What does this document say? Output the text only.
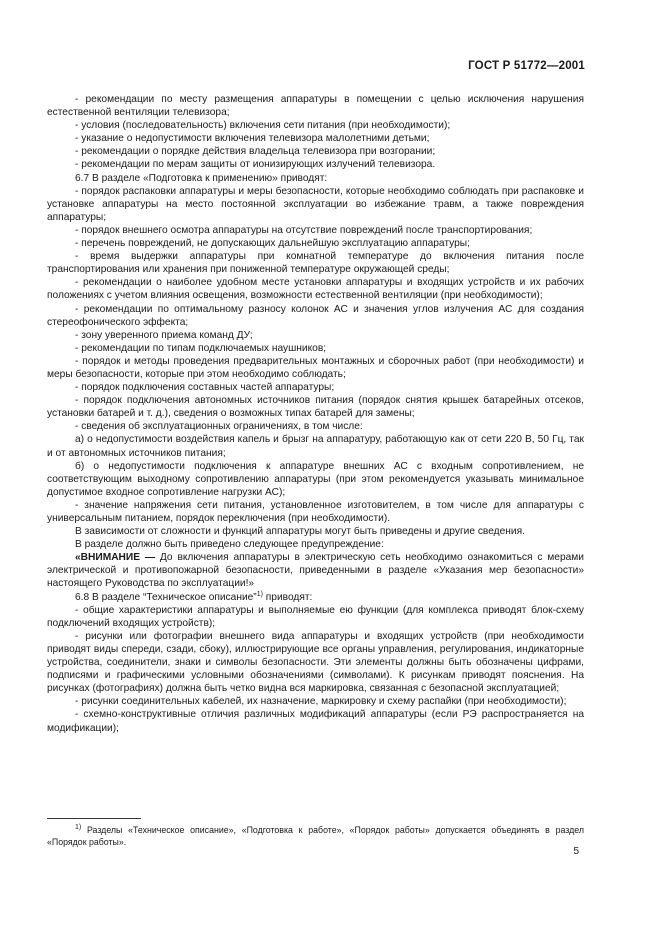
ГОСТ Р 51772—2001

- рекомендации по месту размещения аппаратуры в помещении с целью исключения нарушения естественной вентиляции телевизора;

- условия (последовательность) включения сети питания (при необходимости);

- указание о недопустимости включения телевизора малолетними детьми;

- рекомендации о порядке действия владельца телевизора при возгорании;

- рекомендации по мерам защиты от ионизирующих излучений телевизора.

6.7 В разделе «Подготовка к применению» приводят:

- порядок распаковки аппаратуры и меры безопасности, которые необходимо соблюдать при распаковке и установке аппаратуры на место постоянной эксплуатации во избежание травм, а также повреждения аппаратуры;

- порядок внешнего осмотра аппаратуры на отсутствие повреждений после транспортирования;

- перечень повреждений, не допускающих дальнейшую эксплуатацию аппаратуры;

- время выдержки аппаратуры при комнатной температуре до включения питания после транспортирования или хранения при пониженной температуре окружающей среды;

- рекомендации о наиболее удобном месте установки аппаратуры и входящих устройств и их рабочих положениях с учетом влияния освещения, возможности естественной вентиляции (при необходимости);

- рекомендации по оптимальному разносу колонок АС и значения углов излучения АС для создания стереофонического эффекта;

- зону уверенного приема команд ДУ;

- рекомендации по типам подключаемых наушников;

- порядок и методы проведения предварительных монтажных и сборочных работ (при необходимости) и меры безопасности, которые при этом необходимо соблюдать;

- порядок подключения составных частей аппаратуры;

- порядок подключения автономных источников питания (порядок снятия крышек батарейных отсеков, установки батарей и т. д.), сведения о возможных типах батарей для замены;

- сведения об эксплуатационных ограничениях, в том числе:

а) о недопустимости воздействия капель и брызг на аппаратуру, работающую как от сети 220 В, 50 Гц, так и от автономных источников питания;

б) о недопустимости подключения к аппаратуре внешних АС с входным сопротивлением, не соответствующим выходному сопротивлению аппаратуры (при этом рекомендуется указывать минимальное допустимое входное сопротивление нагрузки АС);

- значение напряжения сети питания, установленное изготовителем, в том числе для аппаратуры с универсальным питанием, порядок переключения (при необходимости).

В зависимости от сложности и функций аппаратуры могут быть приведены и другие сведения.

В разделе должно быть приведено следующее предупреждение:

«ВНИМАНИЕ — До включения аппаратуры в электрическую сеть необходимо ознакомиться с мерами электрической и противопожарной безопасности, приведенными в разделе «Указания мер безопасности» настоящего Руководства по эксплуатации!»

6.8 В разделе “Техническое описание”$^{1)}$ приводят:

- общие характеристики аппаратуры и выполняемые ею функции (для комплекса приводят блок-схему подключений входящих устройств);

- рисунки или фотографии внешнего вида аппаратуры и входящих устройств (при необходимости приводят виды спереди, сзади, сбоку), иллюстрирующие все органы управления, регулирования, индикаторные устройства, соединители, знаки и символы безопасности. Эти элементы должны быть обозначены цифрами, подписями и графическими условными обозначениями (символами). К рисункам приводят пояснения. На рисунках (фотографиях) должна быть четко видна вся маркировка, связанная с безопасной эксплуатацией;

- рисунки соединительных кабелей, их назначение, маркировку и схему распайки (при необходимости);

- схемно-конструктивные отличия различных модификаций аппаратуры (если РЭ распространяется на модификации);

$^{1)}$ Разделы «Техническое описание», «Подготовка к работе», «Порядок работы» допускается объединять в раздел «Порядок работы».

5
